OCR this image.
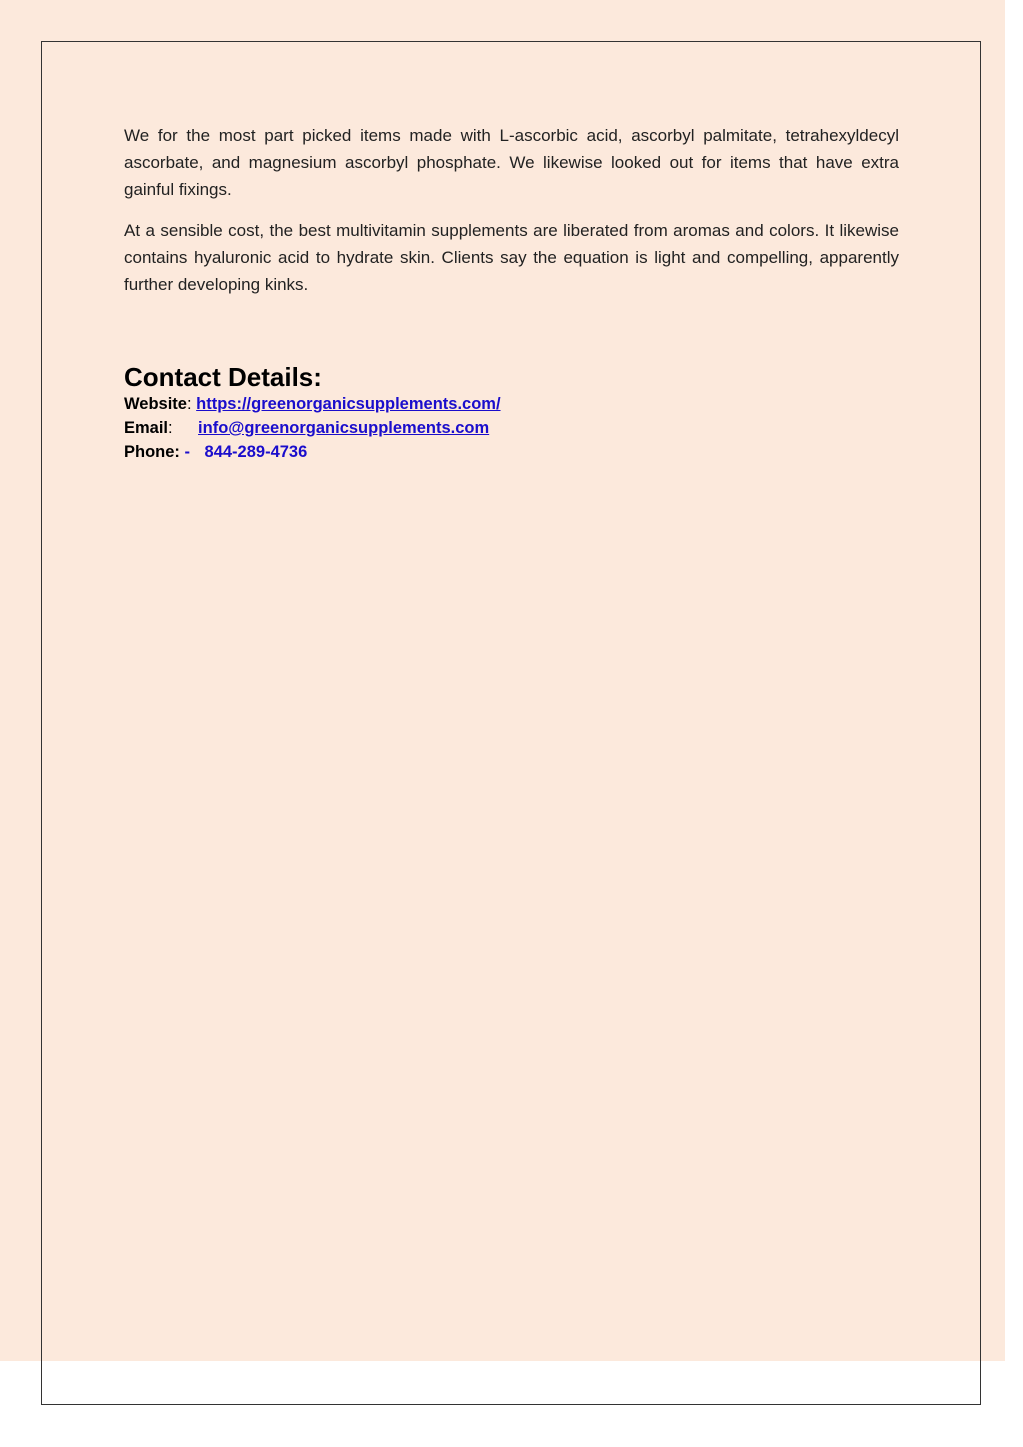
We for the most part picked items made with L-ascorbic acid, ascorbyl palmitate, tetrahexyldecyl ascorbate, and magnesium ascorbyl phosphate. We likewise looked out for items that have extra gainful fixings.

At a sensible cost, the best multivitamin supplements are liberated from aromas and colors. It likewise contains hyaluronic acid to hydrate skin. Clients say the equation is light and compelling, apparently further developing kinks.

Contact Details:
Website: https://greenorganicsupplements.com/
Email: info@greenorganicsupplements.com
Phone: - 844-289-4736
